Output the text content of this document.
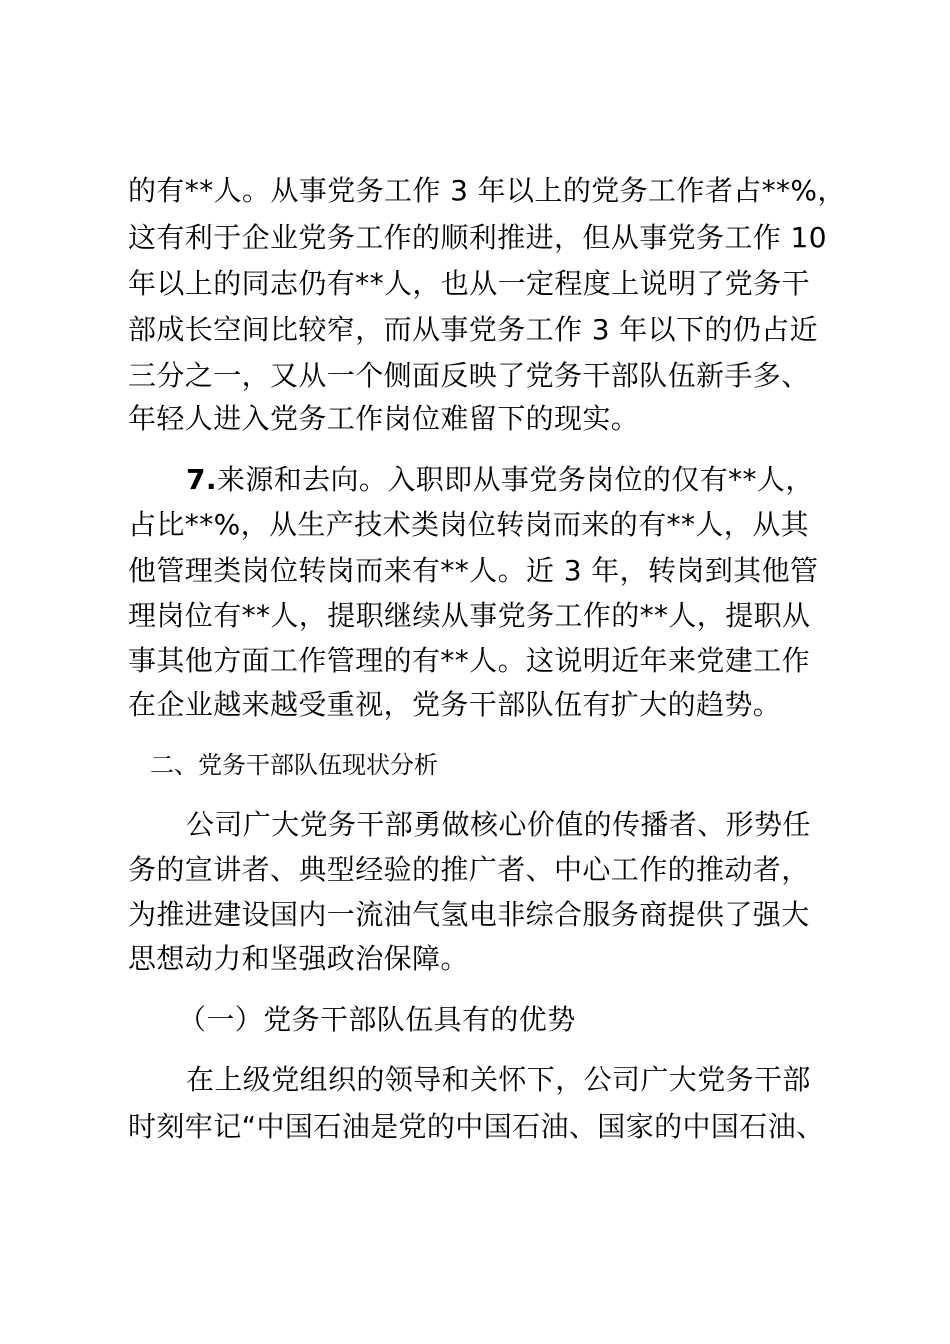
的有**人。从事党务工作 3 年以上的党务工作者占**%，
这有利于企业党务工作的顺利推进，但从事党务工作 10
年以上的同志仍有**人，也从一定程度上说明了党务干
部成长空间比较窄，而从事党务工作 3 年以下的仍占近
三分之一，又从一个侧面反映了党务干部队伍新手多、
年轻人进入党务工作岗位难留下的现实。
7.来源和去向。入职即从事党务岗位的仅有**人，
占比**%，从生产技术类岗位转岗而来的有**人，从其
他管理类岗位转岗而来有**人。近 3 年，转岗到其他管
理岗位有**人，提职继续从事党务工作的**人，提职从
事其他方面工作管理的有**人。这说明近年来党建工作
在企业越来越受重视，党务干部队伍有扩大的趋势。
二、党务干部队伍现状分析
公司广大党务干部勇做核心价值的传播者、形势任
务的宣讲者、典型经验的推广者、中心工作的推动者，
为推进建设国内一流油气氢电非综合服务商提供了强大
思想动力和坚强政治保障。
（一）党务干部队伍具有的优势
在上级党组织的领导和关怀下，公司广大党务干部
时刻牢记“中国石油是党的中国石油、国家的中国石油、
